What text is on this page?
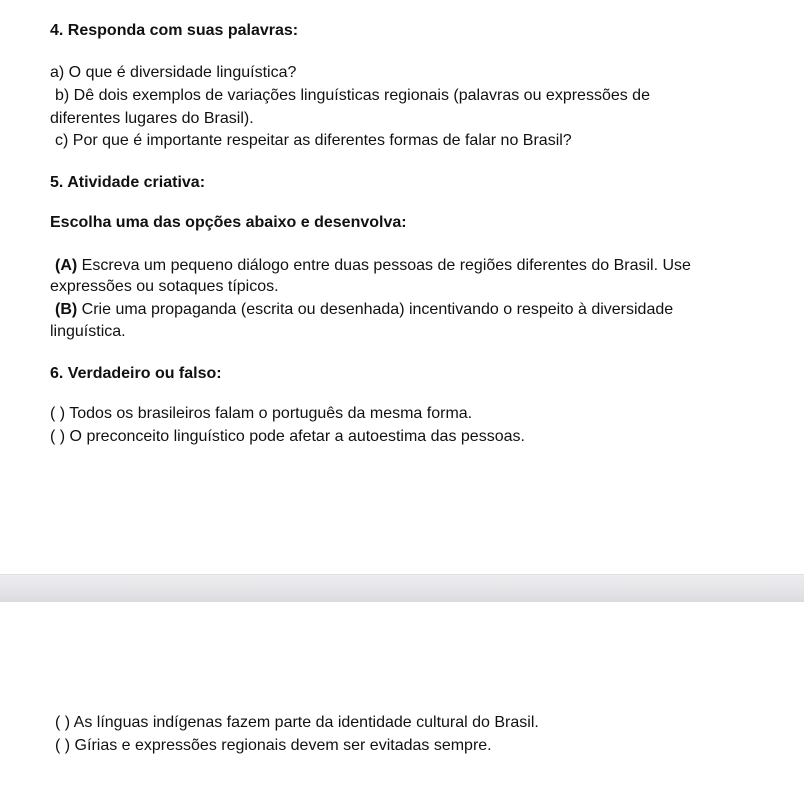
4. Responda com suas palavras:

a) O que é diversidade linguística?

b) Dê dois exemplos de variações linguísticas regionais (palavras ou expressões de

diferentes lugares do Brasil).

c) Por que é importante respeitar as diferentes formas de falar no Brasil?

5. Atividade criativa:

Escolha uma das opções abaixo e desenvolva:

(A) Escreva um pequeno diálogo entre duas pessoas de regiões diferentes do Brasil. Use

expressões ou sotaques típicos.

(B) Crie uma propaganda (escrita ou desenhada) incentivando o respeito à diversidade

linguística.

6. Verdadeiro ou falso:

( ) Todos os brasileiros falam o português da mesma forma.

( ) O preconceito linguístico pode afetar a autoestima das pessoas.

( ) As línguas indígenas fazem parte da identidade cultural do Brasil.

( ) Gírias e expressões regionais devem ser evitadas sempre.
